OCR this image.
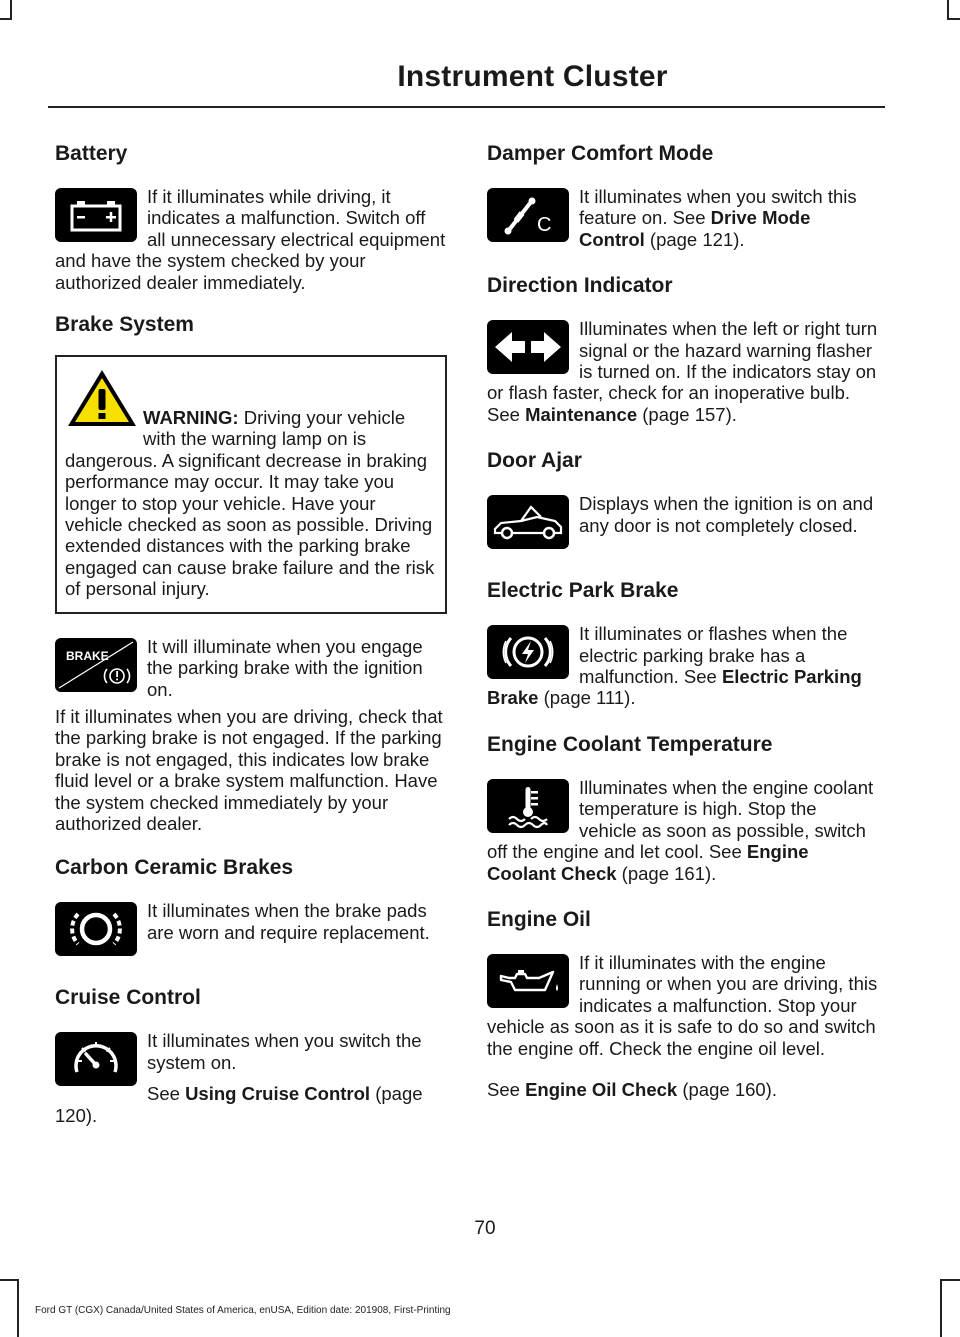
Instrument Cluster
Battery

If it illuminates while driving, it indicates a malfunction. Switch off all unnecessary electrical equipment and have the system checked by your authorized dealer immediately.

Brake System

WARNING: Driving your vehicle with the warning lamp on is dangerous. A significant decrease in braking performance may occur. It may take you longer to stop your vehicle. Have your vehicle checked as soon as possible. Driving extended distances with the parking brake engaged can cause brake failure and the risk of personal injury.

BRAKE	It will illuminate when you engage the parking brake with the ignition on.

If it illuminates when you are driving, check that the parking brake is not engaged. If the parking brake is not engaged, this indicates low brake fluid level or a brake system malfunction. Have the system checked immediately by your authorized dealer.

Carbon Ceramic Brakes

It illuminates when the brake pads are worn and require replacement.

Cruise Control

It illuminates when you switch the system on.

See Using Cruise Control (page 120).

Damper Comfort Mode
C

It illuminates when you switch this feature on. See Drive Mode Control (page 121).

Direction Indicator

Illuminates when the left or right turn signal or the hazard warning flasher is turned on. If the indicators stay on or flash faster, check for an inoperative bulb. See Maintenance (page 157).

Door Ajar

Displays when the ignition is on and any door is not completely closed.

Electric Park Brake

It illuminates or flashes when the electric parking brake has a malfunction. See Electric Parking Brake (page 111).

Engine Coolant Temperature

Illuminates when the engine coolant temperature is high. Stop the vehicle as soon as possible, switch off the engine and let cool. See Engine Coolant Check (page 161).

Engine Oil

If it illuminates with the engine running or when you are driving, this indicates a malfunction. Stop your vehicle as soon as it is safe to do so and switch the engine off. Check the engine oil level.

See Engine Oil Check (page 160).

70
Ford GT (CGX) Canada/United States of America, enUSA, Edition date: 201908, First-Printing
